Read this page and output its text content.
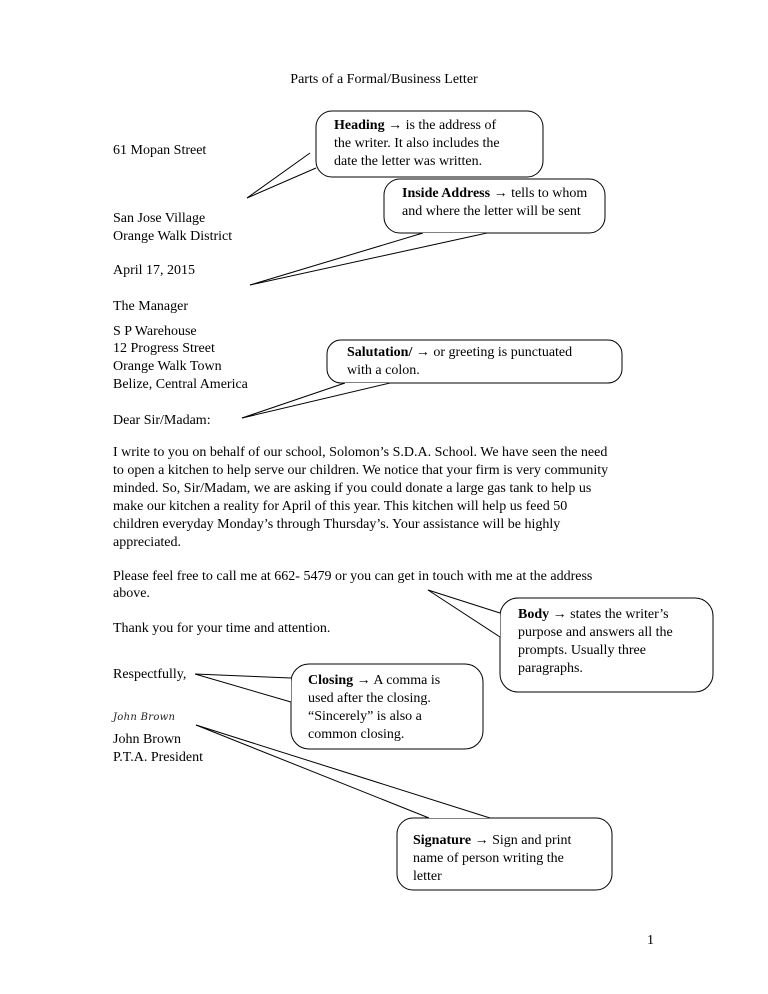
Parts of a Formal/Business Letter
61 Mopan Street
San Jose Village
Orange Walk District
April 17, 2015
The Manager
S P Warehouse
12 Progress Street
Orange Walk Town
Belize, Central America
Dear Sir/Madam:
I write to you on behalf of our school, Solomon’s S.D.A. School. We have seen the need
to open a kitchen to help serve our children. We notice that your firm is very community
minded. So, Sir/Madam, we are asking if you could donate a large gas tank to help us
make our kitchen a reality for April of this year. This kitchen will help us feed 50
children everyday Monday’s through Thursday’s. Your assistance will be highly
appreciated.
Please feel free to call me at 662- 5479 or you can get in touch with me at the address
above.
Thank you for your time and attention.
Respectfully,
John Brown
John Brown
P.T.A. President
Heading → is the address of
the writer. It also includes the
date the letter was written.
Inside Address → tells to whom
and where the letter will be sent
Salutation/ → or greeting is punctuated
with a colon.
Body → states the writer’s
purpose and answers all the
prompts. Usually three
paragraphs.
Closing → A comma is
used after the closing.
“Sincerely” is also a
common closing.
Signature → Sign and print
name of person writing the
letter
1
